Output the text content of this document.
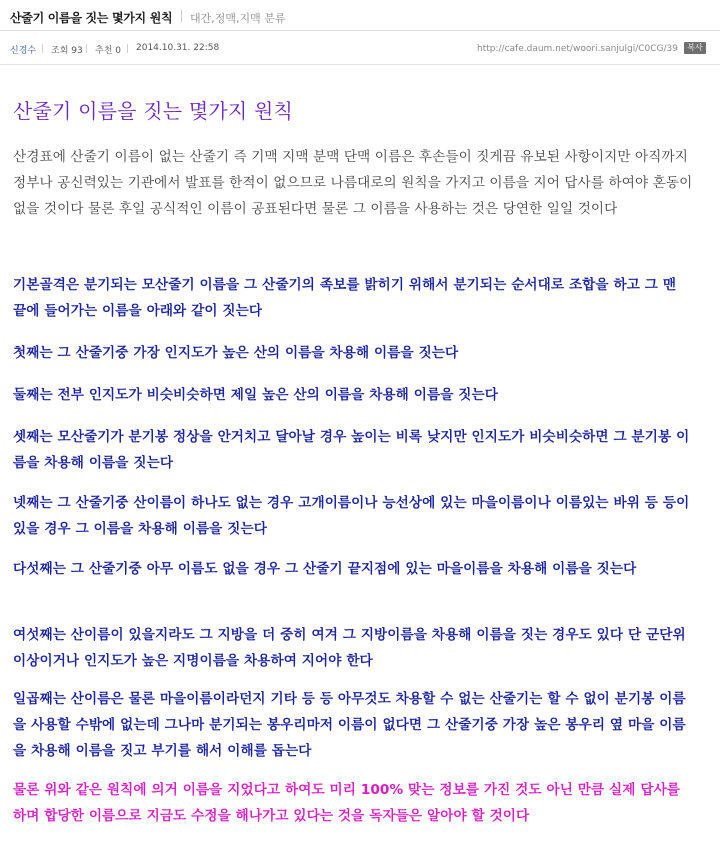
산줄기 이름을 짓는 몇가지 원칙 대간,정맥,지맥 분류
신경수 조회 93 추천 0 2014.10.31. 22:58	http://cafe.daum.net/woori.sanjulgi/C0CG/39	복사
산줄기 이름을 짓는 몇가지 원칙

산경표에 산줄기 이름이 없는 산줄기 즉 기맥 지맥 분맥 단맥 이름은 후손들이 짓게끔 유보된 사항이지만 아직까지 정부나 공신력있는 기관에서 발표를 한적이 없으므로 나름대로의 원칙을 가지고 이름을 지어 답사를 하여야 혼동이 없을 것이다 물론 후일 공식적인 이름이 공표된다면 물론 그 이름을 사용하는 것은 당연한 일일 것이다

기본골격은 분기되는 모산줄기 이름을 그 산줄기의 족보를 밝히기 위해서 분기되는 순서대로 조합을 하고 그 맨 끝에 들어가는 이름을 아래와 같이 짓는다

첫째는 그 산줄기중 가장 인지도가 높은 산의 이름을 차용해 이름을 짓는다

둘째는 전부 인지도가 비슷비슷하면 제일 높은 산의 이름을 차용해 이름을 짓는다

셋째는 모산줄기가 분기봉 정상을 안거치고 달아날 경우 높이는 비록 낮지만 인지도가 비슷비슷하면 그 분기봉 이름을 차용해 이름을 짓는다

넷째는 그 산줄기중 산이름이 하나도 없는 경우 고개이름이나 능선상에 있는 마을이름이나 이름있는 바위 등 등이 있을 경우 그 이름을 차용해 이름을 짓는다

다섯째는 그 산줄기중 아무 이름도 없을 경우 그 산줄기 끝지점에 있는 마을이름을 차용해 이름을 짓는다

여섯째는 산이름이 있을지라도 그 지방을 더 중히 여겨 그 지방이름을 차용해 이름을 짓는 경우도 있다 단 군단위 이상이거나 인지도가 높은 지명이름을 차용하여 지어야 한다

일곱째는 산이름은 물론 마을이름이라던지 기타 등 등 아무것도 차용할 수 없는 산줄기는 할 수 없이 분기봉 이름을 사용할 수밖에 없는데 그나마 분기되는 봉우리마저 이름이 없다면 그 산줄기중 가장 높은 봉우리 옆 마을 이름을 차용해 이름을 짓고 부기를 해서 이해를 돕는다

물론 위와 같은 원칙에 의거 이름을 지었다고 하여도 미리 100% 맞는 정보를 가진 것도 아닌 만큼 실제 답사를 하며 합당한 이름으로 지금도 수정을 해나가고 있다는 것을 독자들은 알아야 할 것이다
